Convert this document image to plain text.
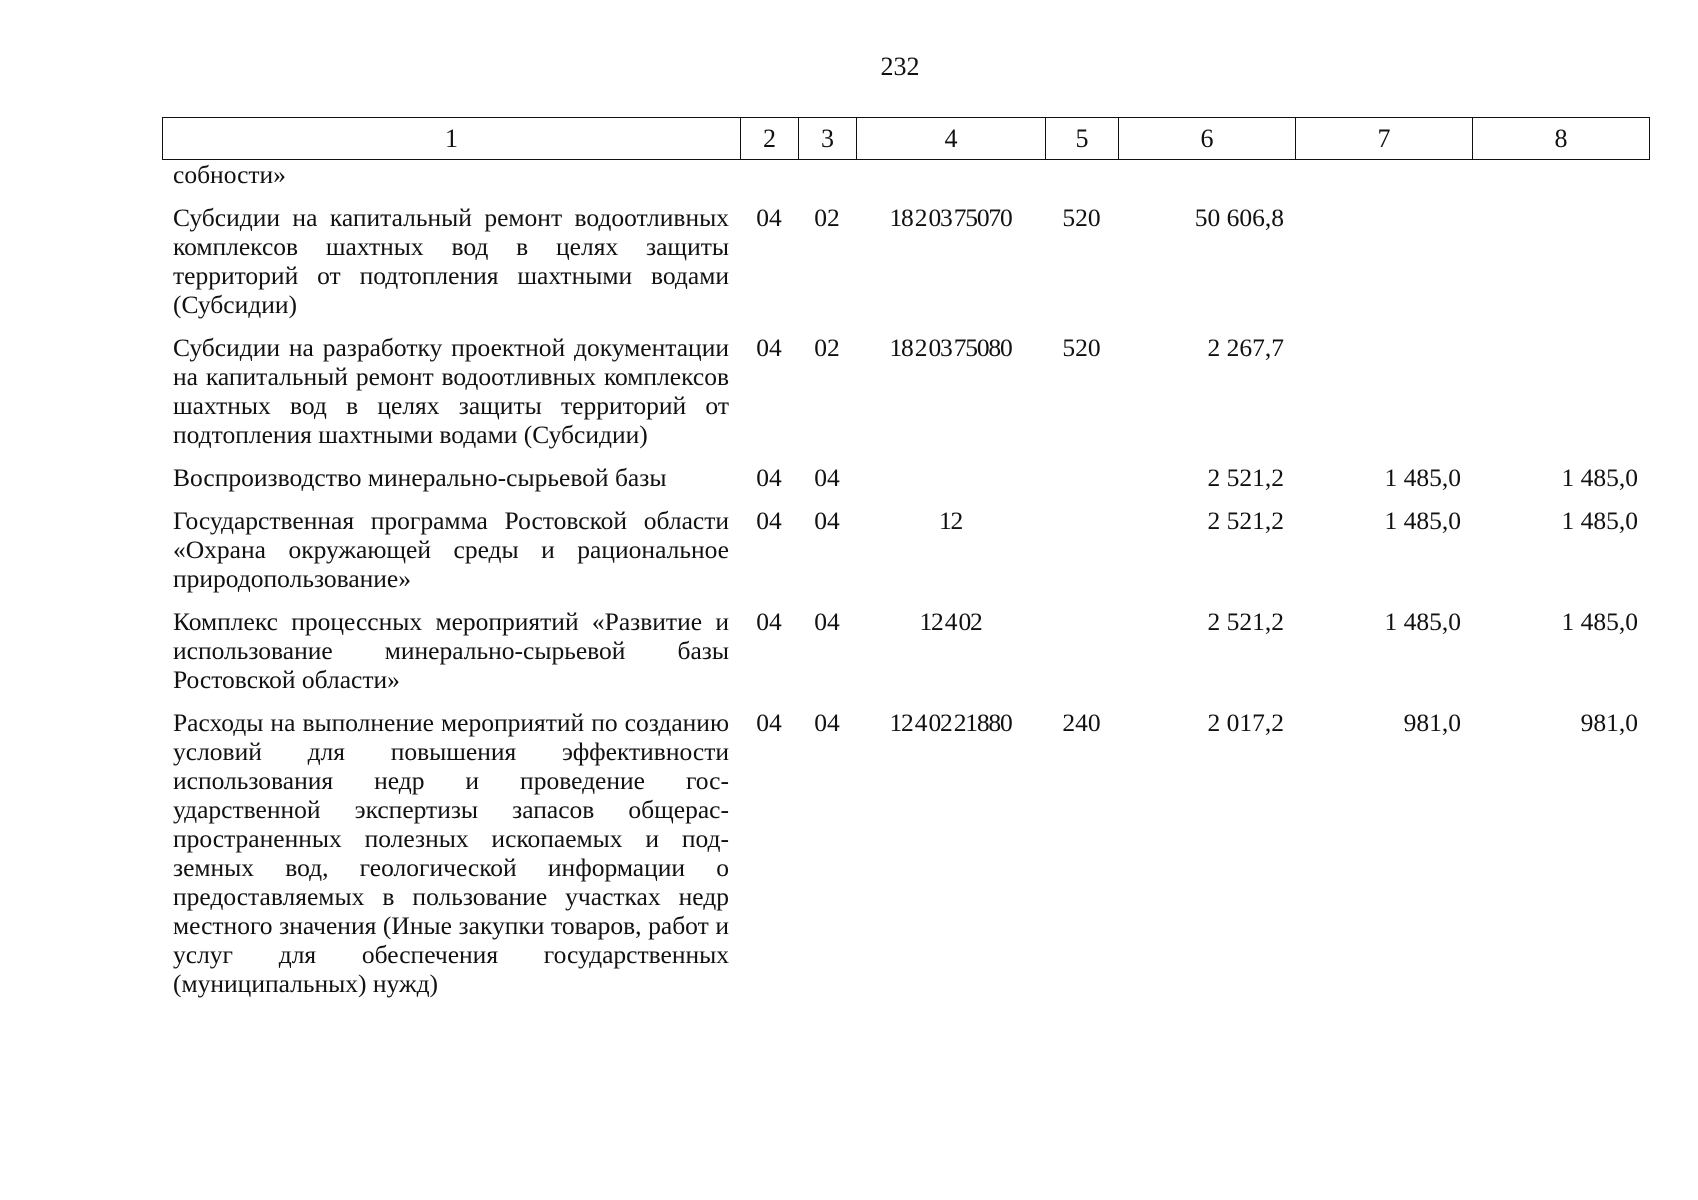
232
1	2	3	4	5	6	7	8
собности»							
Субсидии на капитальный ремонт водоотливных комплексов шахтных вод в целях защиты территорий от подтопления шахтными водами (Субсидии)	04	02	18 2 03 75070	520	50 606,8		
Субсидии на разработку проектной документации на капитальный ремонт водоотливных комплексов шахтных вод в целях защиты территорий от подтопления шахтными водами (Субсидии)	04	02	18 2 03 75080	520	2 267,7		
Воспроизводство минерально-сырьевой базы	04	04			2 521,2	1 485,0	1 485,0
Государственная программа Ростовской области «Охрана окружающей среды и рациональное природопользование»	04	04	12		2 521,2	1 485,0	1 485,0
Комплекс процессных мероприятий «Развитие и использование минерально-сырьевой базы Ростовской области»	04	04	12 4 02		2 521,2	1 485,0	1 485,0
Расходы на выполнение мероприятий по созданию условий для повышения эффективности использования недр и проведение государственной экспертизы запасов общераспространенных полезных ископаемых и подземных вод, геологической информации о предоставляемых в пользование участках недр местного значения (Иные закупки товаров, работ и услуг для обеспечения государственных (муниципальных) нужд)	04	04	12 4 02 21880	240	2 017,2	981,0	981,0
